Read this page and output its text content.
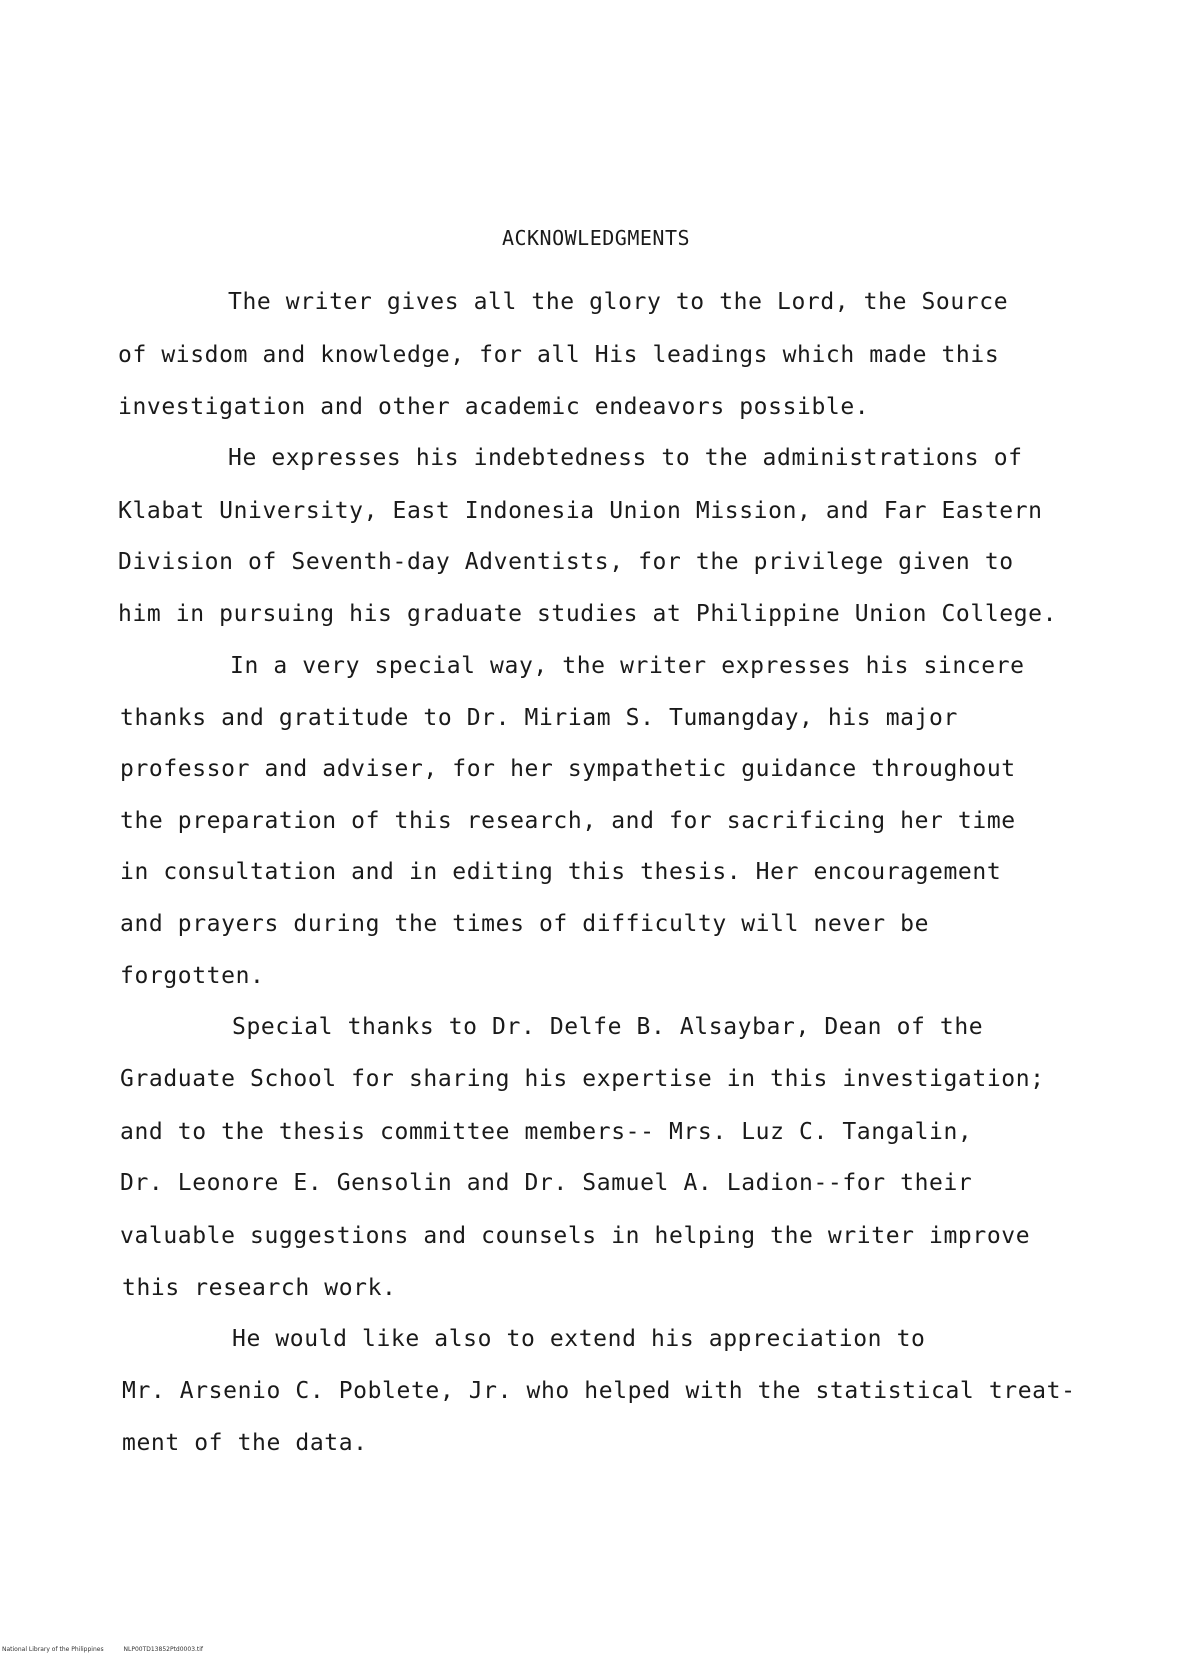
ACKNOWLEDGMENTS
The writer gives all the glory to the Lord, the Source
of wisdom and knowledge, for all His leadings which made this
investigation and other academic endeavors possible.
He expresses his indebtedness to the administrations of
Klabat University, East Indonesia Union Mission, and Far Eastern
Division of Seventh-day Adventists, for the privilege given to
him in pursuing his graduate studies at Philippine Union College.
In a very special way, the writer expresses his sincere
thanks and gratitude to Dr. Miriam S. Tumangday, his major
professor and adviser, for her sympathetic guidance throughout
the preparation of this research, and for sacrificing her time
in consultation and in editing this thesis. Her encouragement
and prayers during the times of difficulty will never be
forgotten.
Special thanks to Dr. Delfe B. Alsaybar, Dean of the
Graduate School for sharing his expertise in this investigation;
and to the thesis committee members-- Mrs. Luz C. Tangalin,
Dr. Leonore E. Gensolin and Dr. Samuel A. Ladion--for their
valuable suggestions and counsels in helping the writer improve
this research work.
He would like also to extend his appreciation to
Mr. Arsenio C. Poblete, Jr. who helped with the statistical treat-
ment of the data.
National Library of the Philippines	NLP00TD13852Ptd0003.tif
